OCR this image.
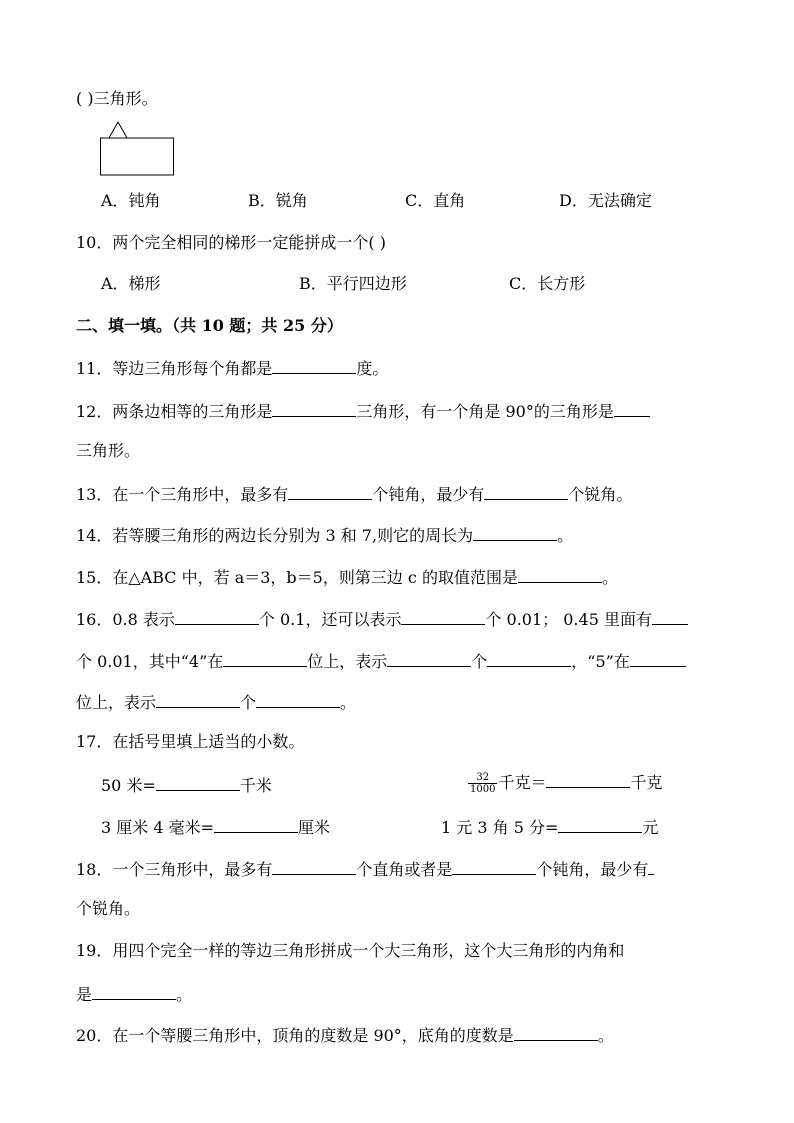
( )三角形。
A．钝角	B．锐角	C．直角	D．无法确定
10．两个完全相同的梯形一定能拼成一个( )
A．梯形	B．平行四边形	C．长方形
二、填一填。（共 10 题；共 25 分）
11．等边三角形每个角都是	度。
12．两条边相等的三角形是	三角形，有一个角是 90°的三角形是
三角形。
13．在一个三角形中，最多有	个钝角，最少有	个锐角。
14．若等腰三角形的两边长分别为 3 和 7,则它的周长为	。
15．在△ABC 中，若 a＝3，b＝5，则第三边 c 的取值范围是	。
16．0.8 表示	个 0.1，还可以表示	个 0.01； 0.45 里面有
个 0.01，其中“4”在	位上，表示	个	，“5”在
位上，表示	个	。
17．在括号里填上适当的小数。
50 米=	千米	$\frac{32}{1000}$ 千克＝	千克
3 厘米 4 毫米=	厘米	1 元 3 角 5 分=	元
18．一个三角形中，最多有	个直角或者是	个钝角，最少有
个锐角。
19．用四个完全一样的等边三角形拼成一个大三角形，这个大三角形的内角和
是	。
20．在一个等腰三角形中，顶角的度数是 90°，底角的度数是	。
